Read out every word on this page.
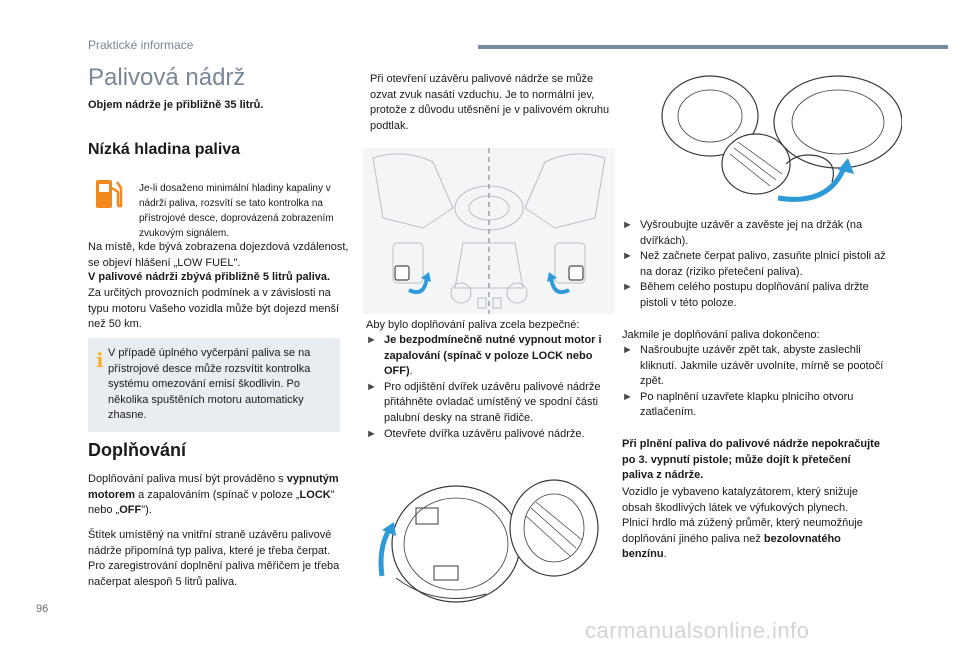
Praktické informace
Palivová nádrž

Objem nádrže je přibližně 35 litrů.

Nízká hladina paliva

Je-li dosaženo minimální hladiny kapaliny v nádrži paliva, rozsvítí se tato kontrolka na přístrojové desce, doprovázená zobrazením zvukovým signálem.

Na místě, kde bývá zobrazena dojezdová vzdálenost, se objeví hlášení „LOW FUEL".

V palivové nádrži zbývá přibližně 5 litrů paliva.

Za určitých provozních podmínek a v závislosti na typu motoru Vašeho vozidla může být dojezd menší než 50 km.

i V případě úplného vyčerpání paliva se na přístrojové desce může rozsvítit kontrolka systému omezování emisí škodlivin. Po několika spuštěních motoru automaticky zhasne.

Doplňování

Doplňování paliva musí být prováděno s vypnutým motorem a zapalováním (spínač v poloze „LOCK" nebo „OFF").

Štítek umístěný na vnitřní straně uzávěru palivové nádrže připomíná typ paliva, které je třeba čerpat.

Pro zaregistrování doplnění paliva měřičem je třeba načerpat alespoň 5 litrů paliva.

Při otevření uzávěru palivové nádrže se může ozvat zvuk nasátí vzduchu. Je to normální jev, protože z důvodu utěsnění je v palivovém okruhu podtlak.

Aby bylo doplňování paliva zcela bezpečné:

► Je bezpodmínečně nutné vypnout motor i zapalování (spínač v poloze LOCK nebo OFF).
► Pro odjištění dvířek uzávěru palivové nádrže přitáhněte ovladač umístěný ve spodní části palubní desky na straně řidiče.
► Otevřete dvířka uzávěru palivové nádrže.
► Vyšroubujte uzávěr a zavěste jej na držák (na dvířkách).
► Než začnete čerpat palivo, zasuňte plnicí pistoli až na doraz (riziko přetečení paliva).
► Během celého postupu doplňování paliva držte pistoli v této poloze.

Jakmile je doplňování paliva dokončeno:

► Našroubujte uzávěr zpět tak, abyste zaslechli kliknutí. Jakmile uzávěr uvolníte, mírně se pootočí zpět.
► Po naplnění uzavřete klapku plnicího otvoru zatlačením.

Při plnění paliva do palivové nádrže nepokračujte po 3. vypnutí pistole; může dojít k přetečení paliva z nádrže.

Vozidlo je vybaveno katalyzátorem, který snižuje obsah škodlivých látek ve výfukových plynech.

Plnicí hrdlo má zúžený průměr, který neumožňuje doplňování jiného paliva než bezolovnatého benzínu.

96
carmanualsonline.info
